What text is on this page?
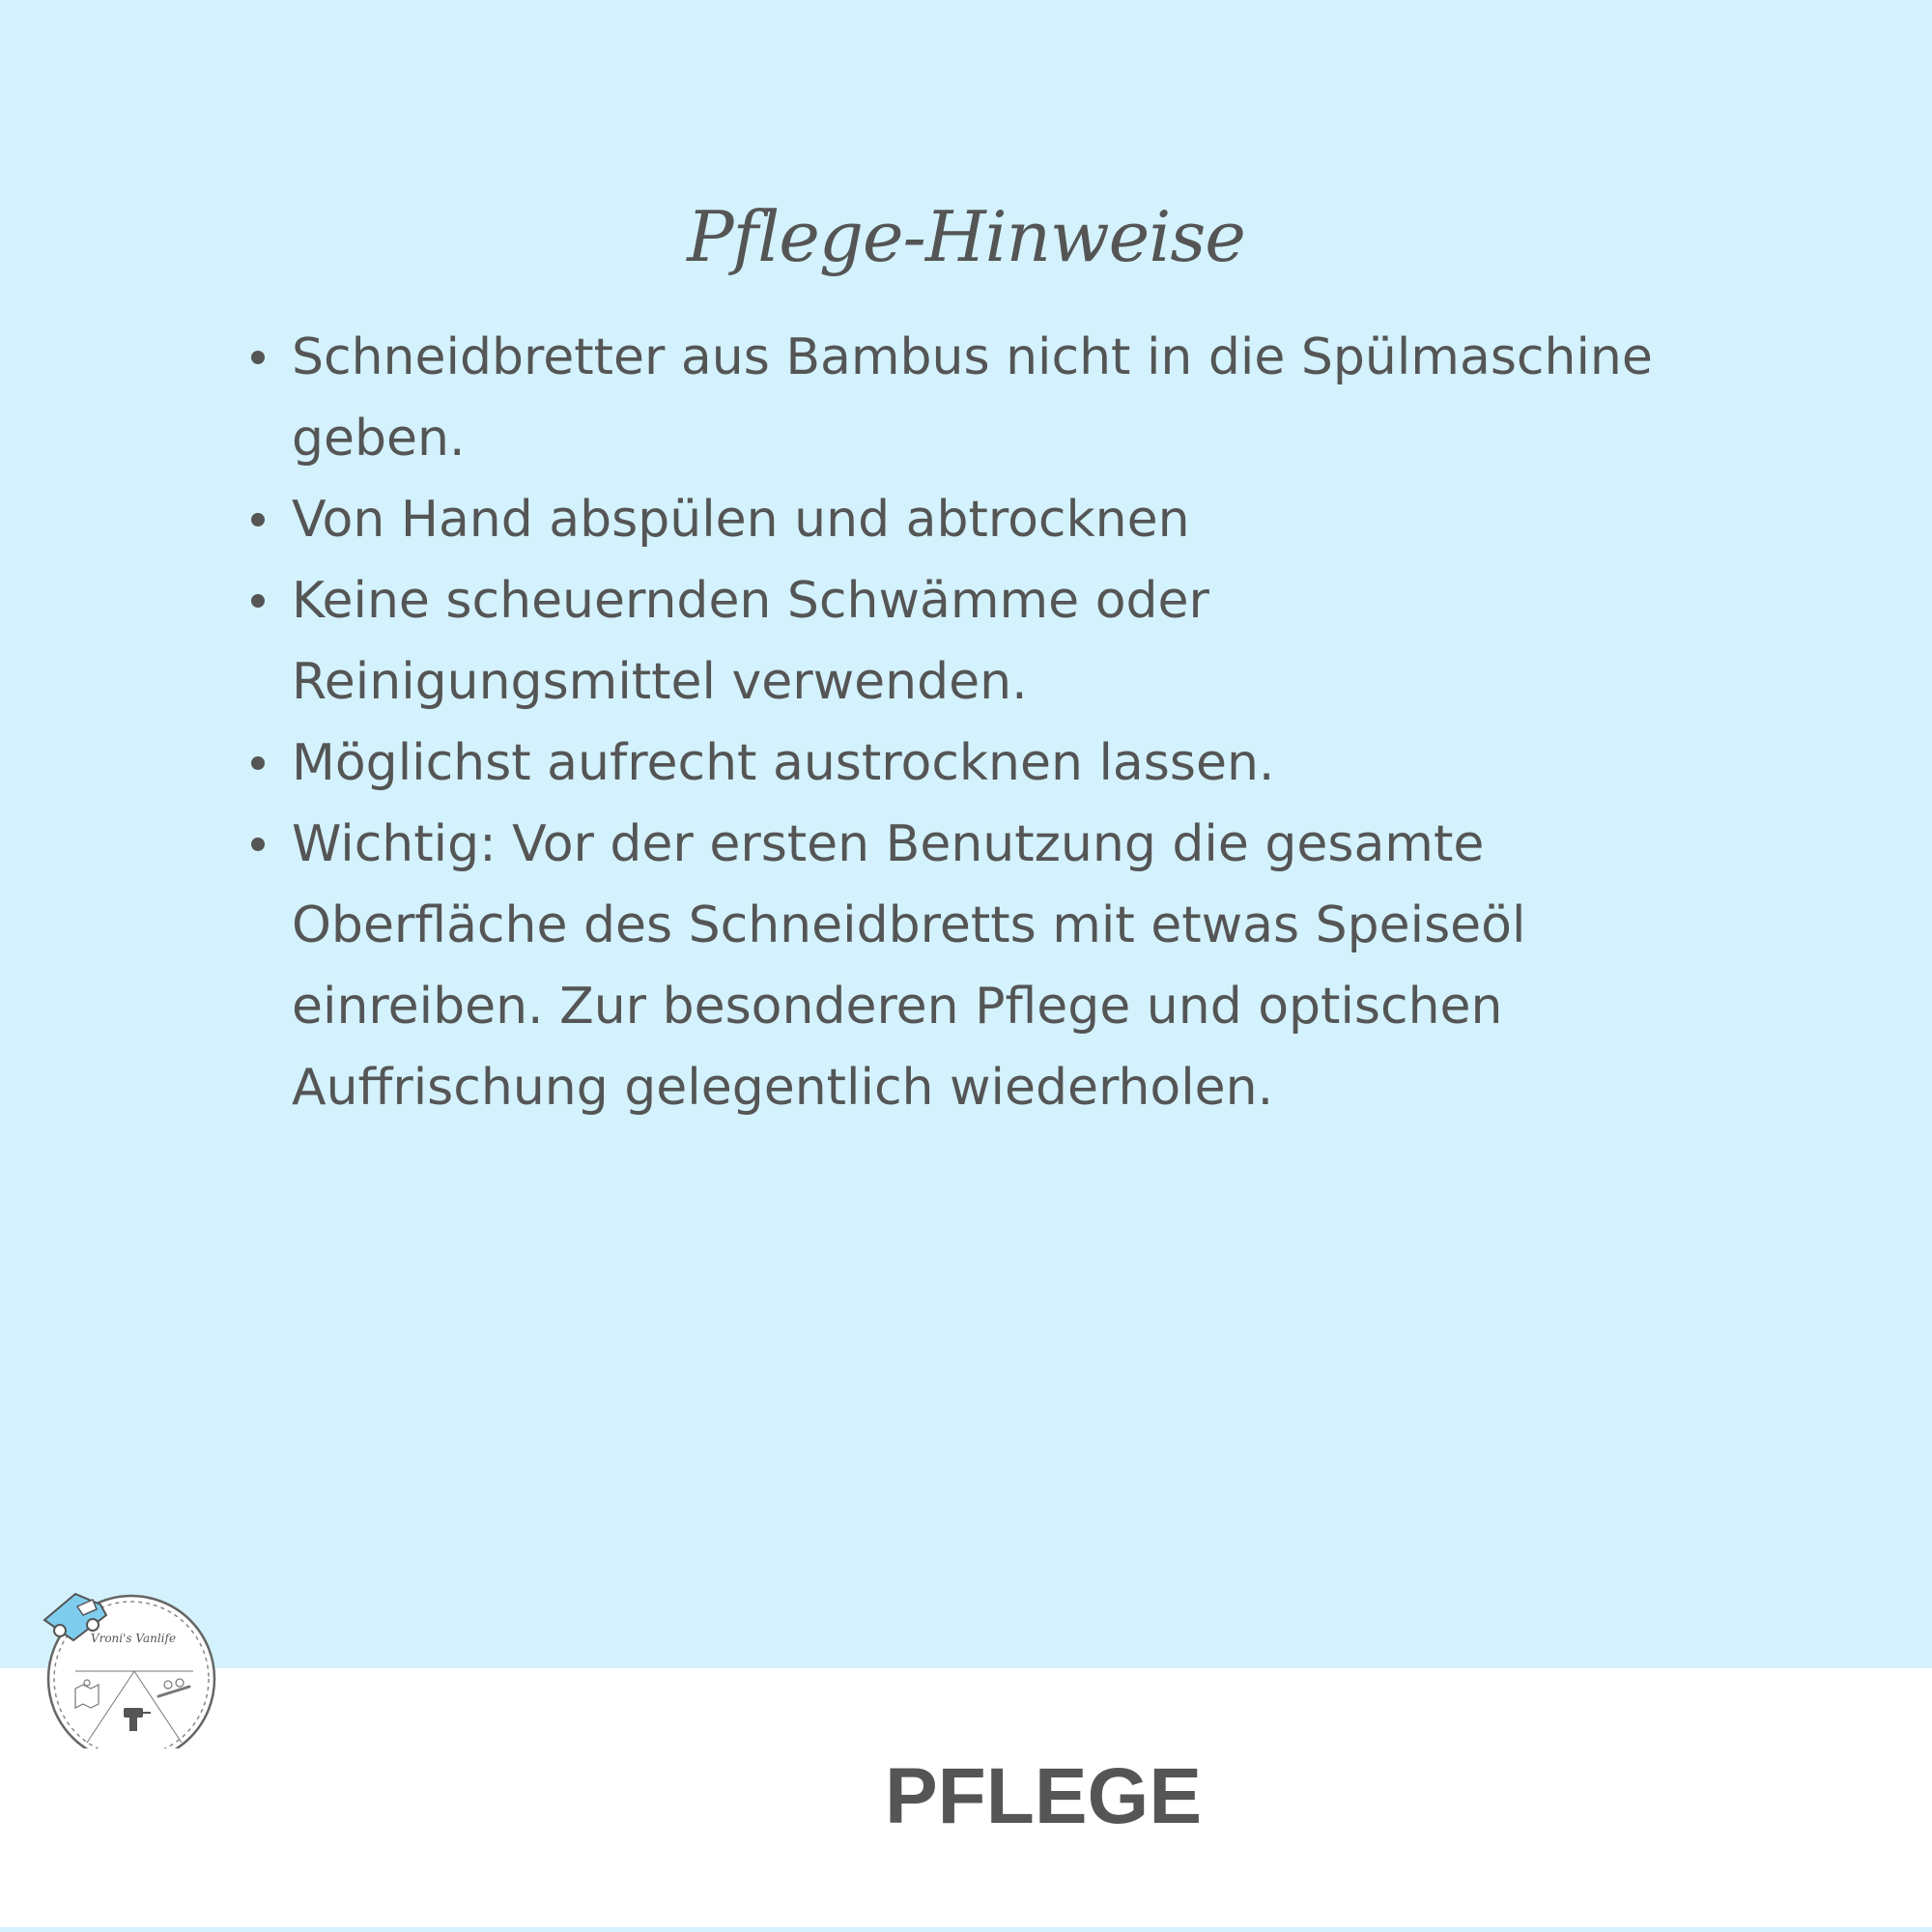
Pflege-Hinweise
Schneidbretter aus Bambus nicht in die Spülmaschine
geben.
Von Hand abspülen und abtrocknen
Keine scheuernden Schwämme oder
Reinigungsmittel verwenden.
Möglichst aufrecht austrocknen lassen.
Wichtig: Vor der ersten Benutzung die gesamte
Oberfläche des Schneidbretts mit etwas Speiseöl
einreiben. Zur besonderen Pflege und optischen
Auffrischung gelegentlich wiederholen.
PFLEGE
Vroni's Vanlife
